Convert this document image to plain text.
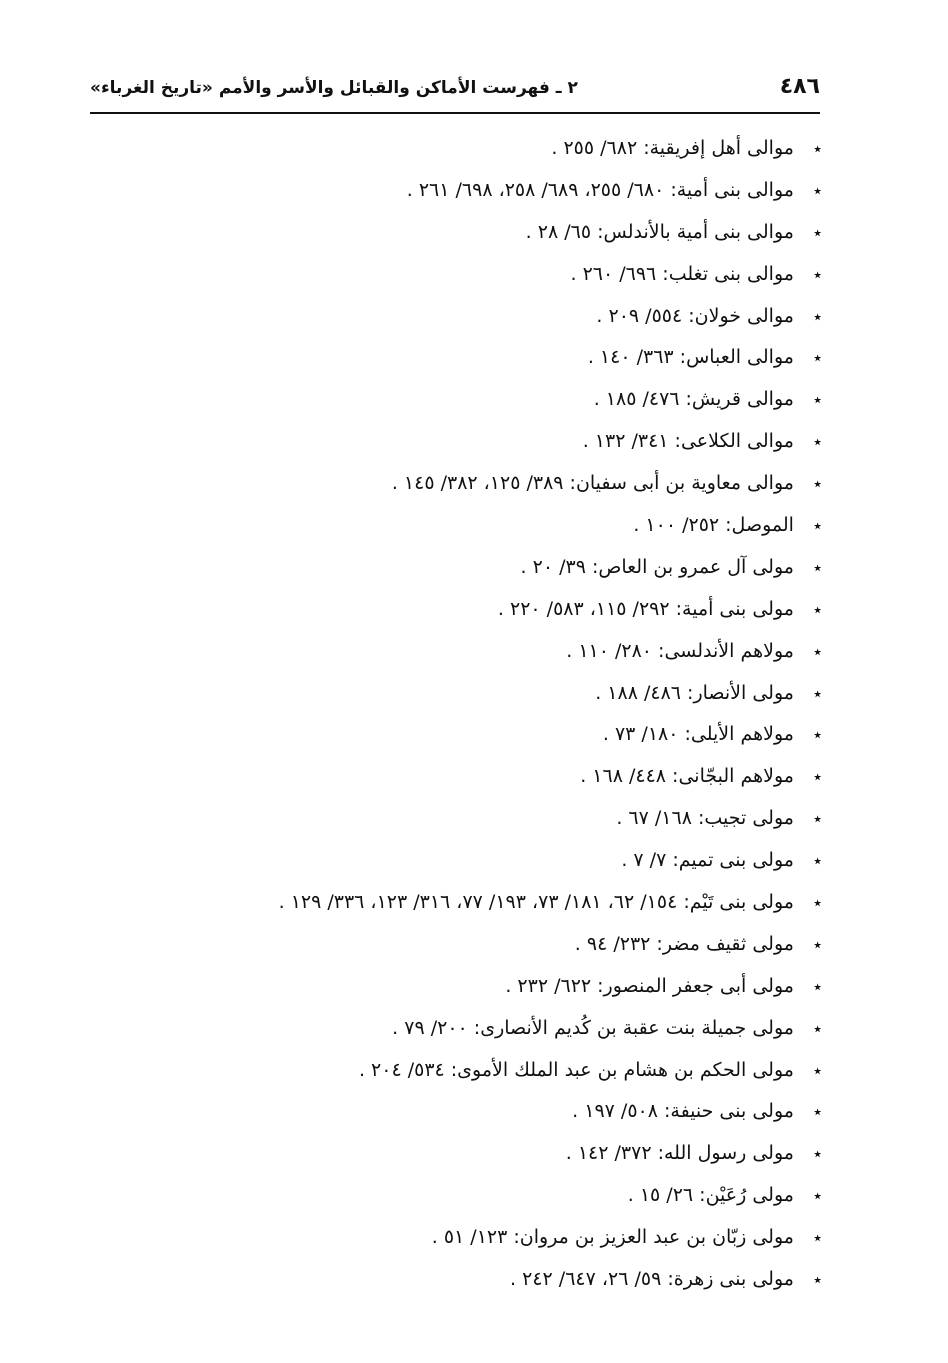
٢ ـ فهرست الأماكن والقبائل والأسر والأمم «تاريخ الغرباء»	٤٨٦
٭ موالى أهل إفريقية: ٦٨٢/ ٢٥٥ .
٭ موالى بنى أمية: ٦٨٠/ ٢٥٥، ٦٨٩/ ٢٥٨، ٦٩٨/ ٢٦١ .
٭ موالى بنى أمية بالأندلس: ٦٥/ ٢٨ .
٭ موالى بنى تغلب: ٦٩٦/ ٢٦٠ .
٭ موالى خولان: ٥٥٤/ ٢٠٩ .
٭ موالى العباس: ٣٦٣/ ١٤٠ .
٭ موالى قريش: ٤٧٦/ ١٨٥ .
٭ موالى الكلاعى: ٣٤١/ ١٣٢ .
٭ موالى معاوية بن أبى سفيان: ٣٨٩/ ١٢٥، ٣٨٢/ ١٤٥ .
٭ الموصل: ٢٥٢/ ١٠٠ .
٭ مولى آل عمرو بن العاص: ٣٩/ ٢٠ .
٭ مولى بنى أمية: ٢٩٢/ ١١٥، ٥٨٣/ ٢٢٠ .
٭ مولاهم الأندلسى: ٢٨٠/ ١١٠ .
٭ مولى الأنصار: ٤٨٦/ ١٨٨ .
٭ مولاهم الأيلى: ١٨٠/ ٧٣ .
٭ مولاهم البجّانى: ٤٤٨/ ١٦٨ .
٭ مولى تجيب: ١٦٨/ ٦٧ .
٭ مولى بنى تميم: ٧/ ٧ .
٭ مولى بنى تَيْم: ١٥٤/ ٦٢، ١٨١/ ٧٣، ١٩٣/ ٧٧، ٣١٦/ ١٢٣، ٣٣٦/ ١٢٩ .
٭ مولى ثقيف مضر: ٢٣٢/ ٩٤ .
٭ مولى أبى جعفر المنصور: ٦٢٢/ ٢٣٢ .
٭ مولى جميلة بنت عقبة بن كُديم الأنصارى: ٢٠٠/ ٧٩ .
٭ مولى الحكم بن هشام بن عبد الملك الأموى: ٥٣٤/ ٢٠٤ .
٭ مولى بنى حنيفة: ٥٠٨/ ١٩٧ .
٭ مولى رسول الله: ٣٧٢/ ١٤٢ .
٭ مولى رُعَيْن: ٢٦/ ١٥ .
٭ مولى زبّان بن عبد العزيز بن مروان: ١٢٣/ ٥١ .
٭ مولى بنى زهرة: ٥٩/ ٢٦، ٦٤٧/ ٢٤٢ .
